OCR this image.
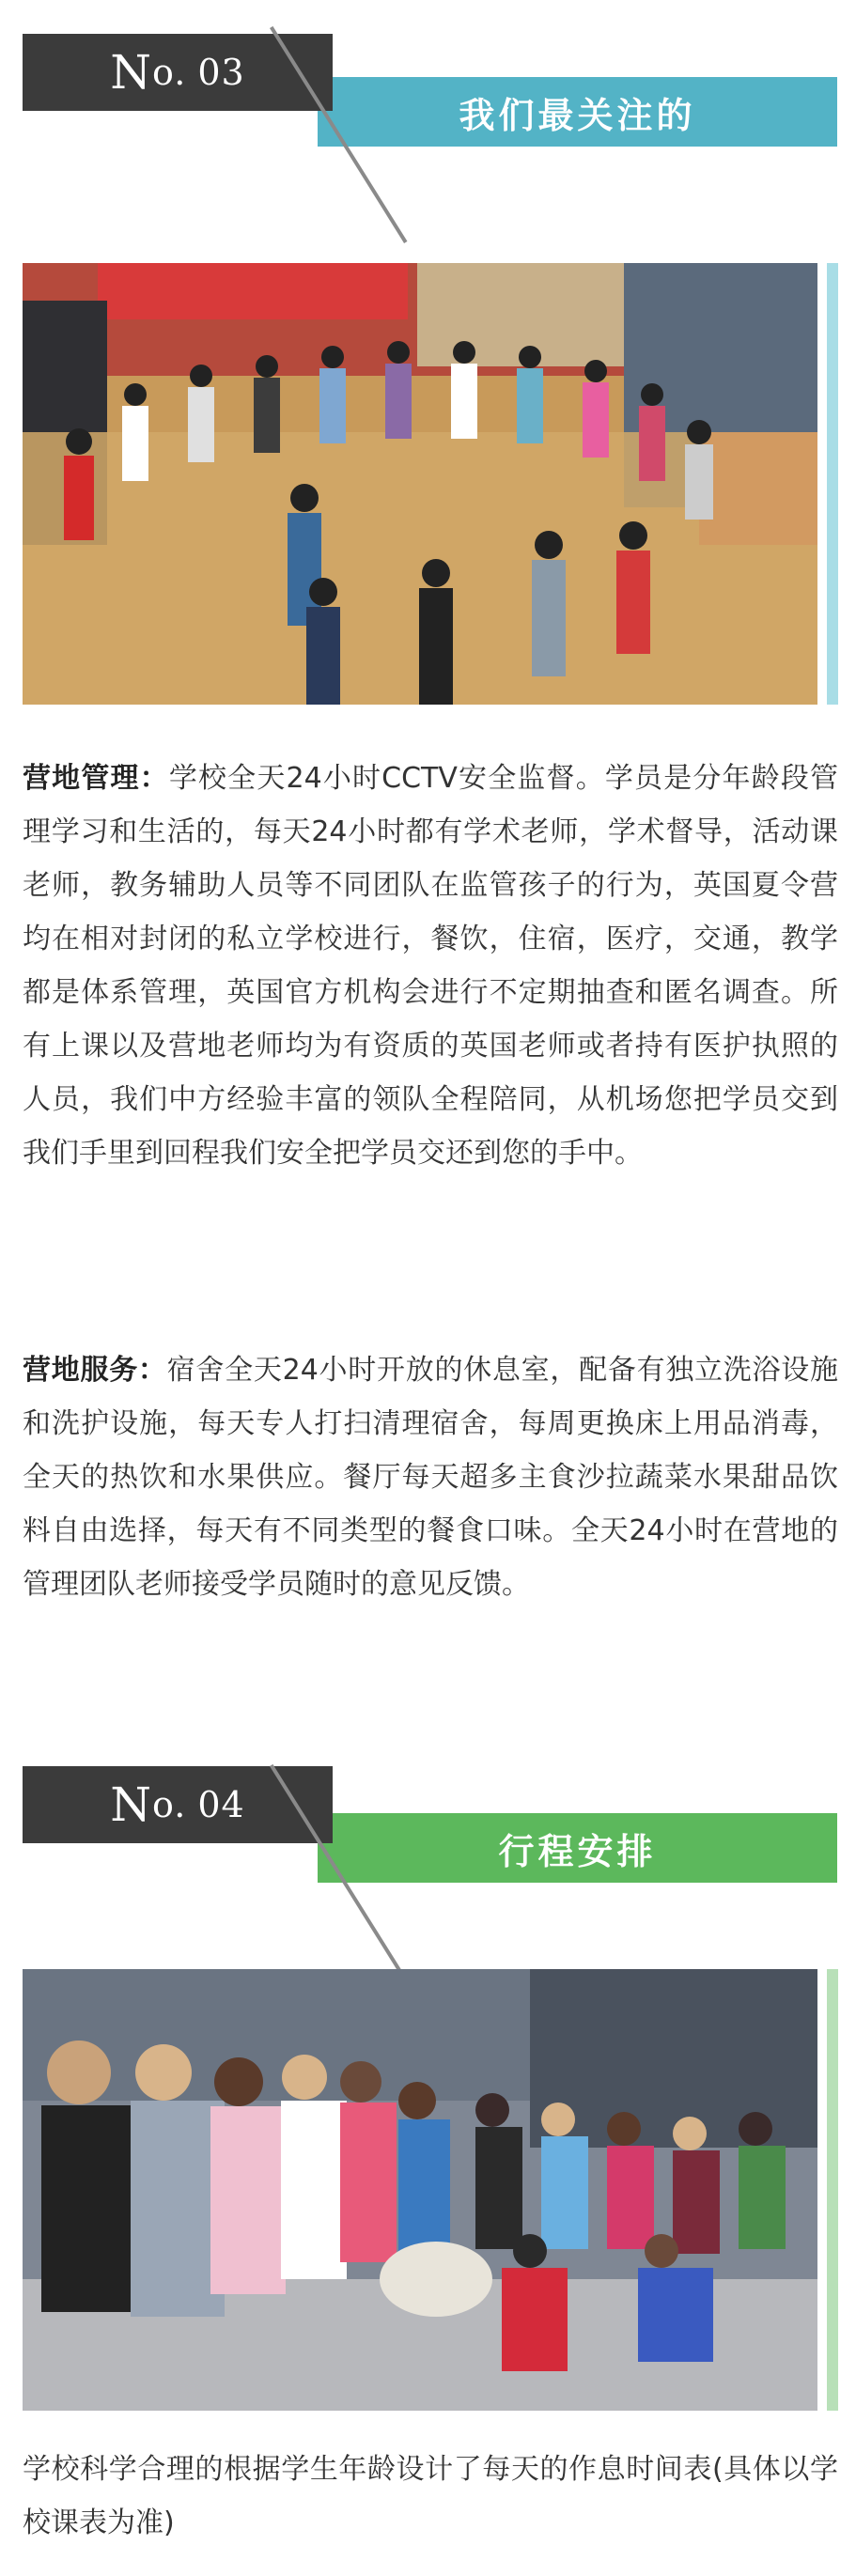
我们最关注的
N o. 03

营地管理：学校全天24小时CCTV安全监督。学员是分年龄段管理学习和生活的，每天24小时都有学术老师，学术督导，活动课老师，教务辅助人员等不同团队在监管孩子的行为，英国夏令营均在相对封闭的私立学校进行，餐饮，住宿，医疗，交通，教学都是体系管理，英国官方机构会进行不定期抽查和匿名调查。所有上课以及营地老师均为有资质的英国老师或者持有医护执照的人员，我们中方经验丰富的领队全程陪同，从机场您把学员交到我们手里到回程我们安全把学员交还到您的手中。

营地服务：宿舍全天24小时开放的休息室，配备有独立洗浴设施和洗护设施，每天专人打扫清理宿舍，每周更换床上用品消毒，全天的热饮和水果供应。餐厅每天超多主食沙拉蔬菜水果甜品饮料自由选择，每天有不同类型的餐食口味。全天24小时在营地的管理团队老师接受学员随时的意见反馈。

行程安排
N o. 04

学校科学合理的根据学生年龄设计了每天的作息时间表(具体以学校课表为准)
